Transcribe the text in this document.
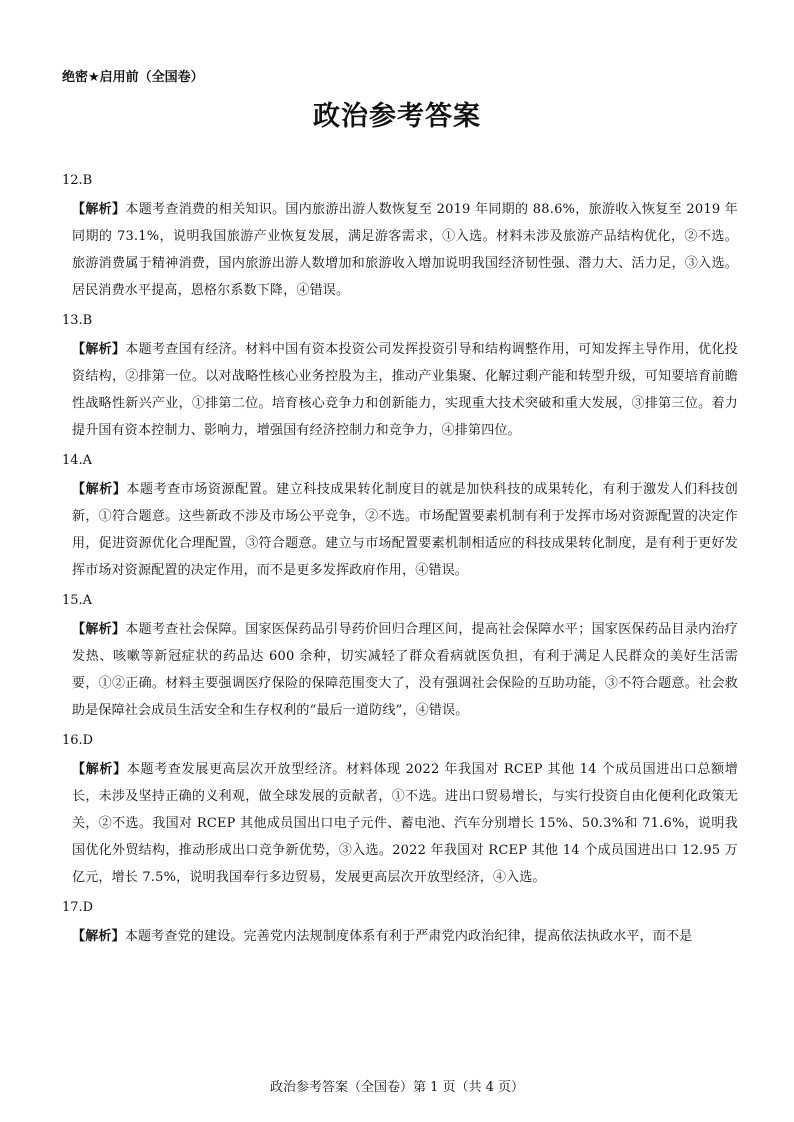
绝密★启用前（全国卷）
政治参考答案
12.B
【解析】本题考查消费的相关知识。国内旅游出游人数恢复至 2019 年同期的 88.6%，旅游收入恢复至 2019 年同期的 73.1%，说明我国旅游产业恢复发展，满足游客需求，①入选。材料未涉及旅游产品结构优化，②不选。旅游消费属于精神消费，国内旅游出游人数增加和旅游收入增加说明我国经济韧性强、潜力大、活力足，③入选。居民消费水平提高，恩格尔系数下降，④错误。
13.B
【解析】本题考查国有经济。材料中国有资本投资公司发挥投资引导和结构调整作用，可知发挥主导作用，优化投资结构，②排第一位。以对战略性核心业务控股为主，推动产业集聚、化解过剩产能和转型升级，可知要培育前瞻性战略性新兴产业，①排第二位。培育核心竞争力和创新能力，实现重大技术突破和重大发展，③排第三位。着力提升国有资本控制力、影响力，增强国有经济控制力和竞争力，④排第四位。
14.A
【解析】本题考查市场资源配置。建立科技成果转化制度目的就是加快科技的成果转化，有利于激发人们科技创新，①符合题意。这些新政不涉及市场公平竞争，②不选。市场配置要素机制有利于发挥市场对资源配置的决定作用，促进资源优化合理配置，③符合题意。建立与市场配置要素机制相适应的科技成果转化制度，是有利于更好发挥市场对资源配置的决定作用，而不是更多发挥政府作用，④错误。
15.A
【解析】本题考查社会保障。国家医保药品引导药价回归合理区间，提高社会保障水平；国家医保药品目录内治疗发热、咳嗽等新冠症状的药品达 600 余种，切实减轻了群众看病就医负担，有利于满足人民群众的美好生活需要，①②正确。材料主要强调医疗保险的保障范围变大了，没有强调社会保险的互助功能，③不符合题意。社会救助是保障社会成员生活安全和生存权利的“最后一道防线”，④错误。
16.D
【解析】本题考查发展更高层次开放型经济。材料体现 2022 年我国对 RCEP 其他 14 个成员国进出口总额增长，未涉及坚持正确的义利观，做全球发展的贡献者，①不选。进出口贸易增长，与实行投资自由化便利化政策无关，②不选。我国对 RCEP 其他成员国出口电子元件、蓄电池、汽车分别增长 15%、50.3%和 71.6%，说明我国优化外贸结构，推动形成出口竞争新优势，③入选。2022 年我国对 RCEP 其他 14 个成员国进出口 12.95 万亿元，增长 7.5%，说明我国奉行多边贸易，发展更高层次开放型经济，④入选。
17.D
【解析】本题考查党的建设。完善党内法规制度体系有利于严肃党内政治纪律，提高依法执政水平，而不是
政治参考答案（全国卷）第 1 页（共 4 页）
